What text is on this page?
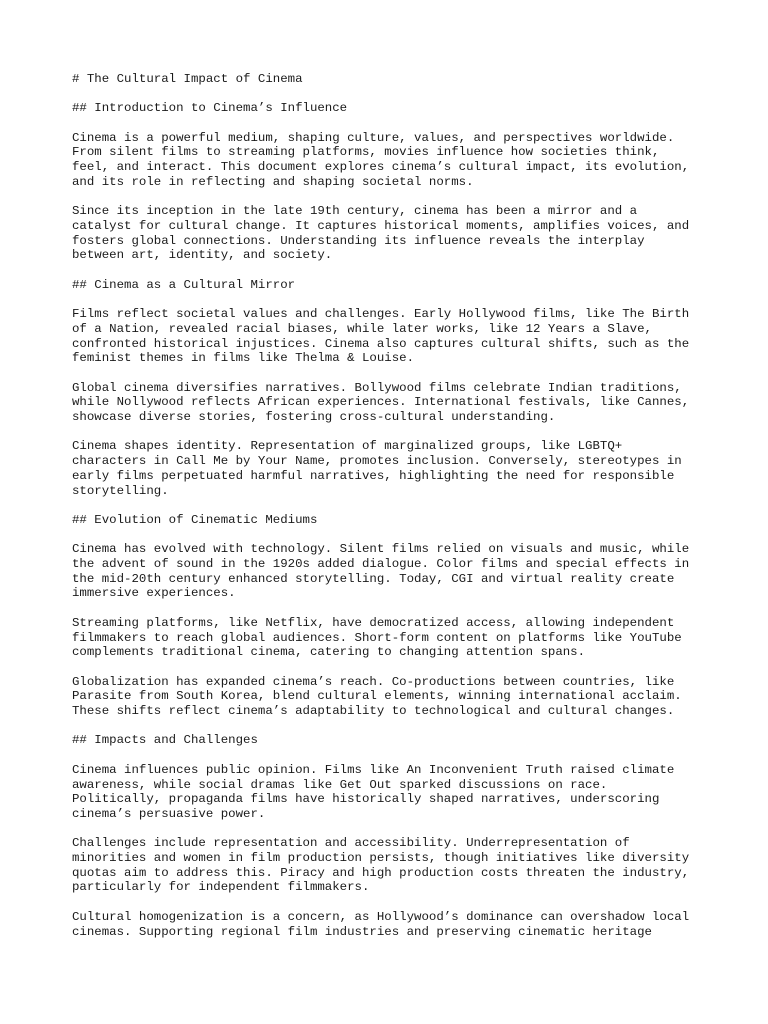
# The Cultural Impact of Cinema

## Introduction to Cinema’s Influence

Cinema is a powerful medium, shaping culture, values, and perspectives worldwide.
From silent films to streaming platforms, movies influence how societies think,
feel, and interact. This document explores cinema’s cultural impact, its evolution,
and its role in reflecting and shaping societal norms.

Since its inception in the late 19th century, cinema has been a mirror and a
catalyst for cultural change. It captures historical moments, amplifies voices, and
fosters global connections. Understanding its influence reveals the interplay
between art, identity, and society.

## Cinema as a Cultural Mirror

Films reflect societal values and challenges. Early Hollywood films, like The Birth
of a Nation, revealed racial biases, while later works, like 12 Years a Slave,
confronted historical injustices. Cinema also captures cultural shifts, such as the
feminist themes in films like Thelma & Louise.

Global cinema diversifies narratives. Bollywood films celebrate Indian traditions,
while Nollywood reflects African experiences. International festivals, like Cannes,
showcase diverse stories, fostering cross-cultural understanding.

Cinema shapes identity. Representation of marginalized groups, like LGBTQ+
characters in Call Me by Your Name, promotes inclusion. Conversely, stereotypes in
early films perpetuated harmful narratives, highlighting the need for responsible
storytelling.

## Evolution of Cinematic Mediums

Cinema has evolved with technology. Silent films relied on visuals and music, while
the advent of sound in the 1920s added dialogue. Color films and special effects in
the mid-20th century enhanced storytelling. Today, CGI and virtual reality create
immersive experiences.

Streaming platforms, like Netflix, have democratized access, allowing independent
filmmakers to reach global audiences. Short-form content on platforms like YouTube
complements traditional cinema, catering to changing attention spans.

Globalization has expanded cinema’s reach. Co-productions between countries, like
Parasite from South Korea, blend cultural elements, winning international acclaim.
These shifts reflect cinema’s adaptability to technological and cultural changes.

## Impacts and Challenges

Cinema influences public opinion. Films like An Inconvenient Truth raised climate
awareness, while social dramas like Get Out sparked discussions on race.
Politically, propaganda films have historically shaped narratives, underscoring
cinema’s persuasive power.

Challenges include representation and accessibility. Underrepresentation of
minorities and women in film production persists, though initiatives like diversity
quotas aim to address this. Piracy and high production costs threaten the industry,
particularly for independent filmmakers.

Cultural homogenization is a concern, as Hollywood’s dominance can overshadow local
cinemas. Supporting regional film industries and preserving cinematic heritage
